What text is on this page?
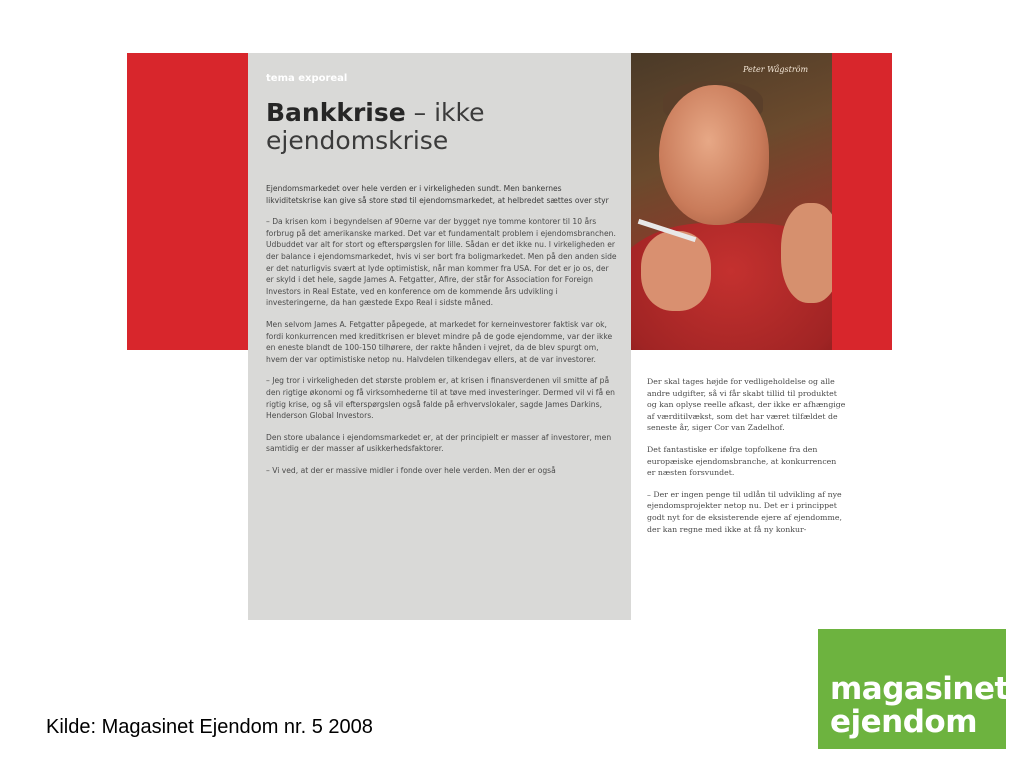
Peter Wågström
tema exporeal
Bankkrise – ikke ejendomskrise

Ejendomsmarkedet over hele verden er i virkeligheden sundt. Men bankernes likviditetskrise kan give så store stød til ejendomsmarkedet, at helbredet sættes over styr

– Da krisen kom i begyndelsen af 90erne var der bygget nye tomme kontorer til 10 års forbrug på det amerikanske marked. Det var et fundamentalt problem i ejendomsbranchen. Udbuddet var alt for stort og efterspørgslen for lille. Sådan er det ikke nu. I virkeligheden er der balance i ejendomsmarkedet, hvis vi ser bort fra boligmarkedet. Men på den anden side er det naturligvis svært at lyde optimistisk, når man kommer fra USA. For det er jo os, der er skyld i det hele, sagde James A. Fetgatter, Afire, der står for Association for Foreign Investors in Real Estate, ved en konference om de kommende års udvikling i investeringerne, da han gæstede Expo Real i sidste måned.

Men selvom James A. Fetgatter påpegede, at markedet for kerneinvestorer faktisk var ok, fordi konkurrencen med kreditkrisen er blevet mindre på de gode ejendomme, var der ikke en eneste blandt de 100-150 tilhørere, der rakte hånden i vejret, da de blev spurgt om, hvem der var optimistiske netop nu. Halvdelen tilkendegav ellers, at de var investorer.

– Jeg tror i virkeligheden det største problem er, at krisen i finansverdenen vil smitte af på den rigtige økonomi og få virksomhederne til at tøve med investeringer. Dermed vil vi få en rigtig krise, og så vil efterspørgslen også falde på erhvervslokaler, sagde James Darkins, Henderson Global Investors.

Den store ubalance i ejendomsmarkedet er, at der principielt er masser af investorer, men samtidig er der masser af usikkerhedsfaktorer.

– Vi ved, at der er massive midler i fonde over hele verden. Men der er også

Der skal tages højde for vedligeholdelse og alle andre udgifter, så vi får skabt tillid til produktet og kan oplyse reelle afkast, der ikke er afhængige af værditilvækst, som det har været tilfældet de seneste år, siger Cor van Zadelhof.

Det fantastiske er ifølge topfolkene fra den europæiske ejendomsbranche, at konkurrencen er næsten forsvundet.

– Der er ingen penge til udlån til udvikling af nye ejendomsprojekter netop nu. Det er i princippet godt nyt for de eksisterende ejere af ejendomme, der kan regne med ikke at få ny konkur-

Kilde: Magasinet Ejendom nr. 5 2008
magasinet
ejendom
